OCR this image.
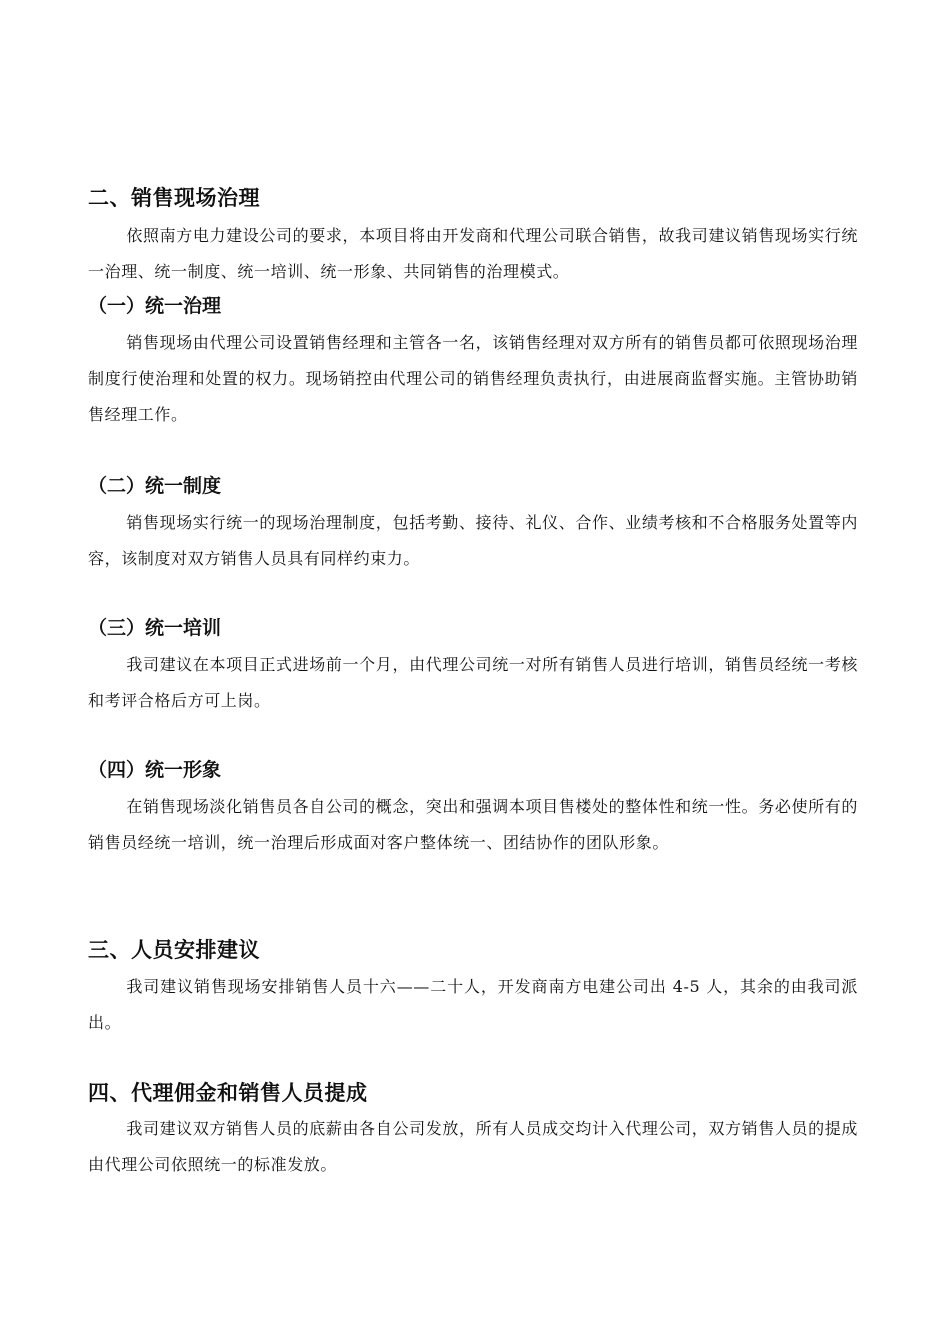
二、销售现场治理
依照南方电力建设公司的要求，本项目将由开发商和代理公司联合销售，故我司建议销售现场实行统一治理、统一制度、统一培训、统一形象、共同销售的治理模式。
（一）统一治理
销售现场由代理公司设置销售经理和主管各一名，该销售经理对双方所有的销售员都可依照现场治理制度行使治理和处置的权力。现场销控由代理公司的销售经理负责执行，由进展商监督实施。主管协助销售经理工作。
（二）统一制度
销售现场实行统一的现场治理制度，包括考勤、接待、礼仪、合作、业绩考核和不合格服务处置等内容，该制度对双方销售人员具有同样约束力。
（三）统一培训
我司建议在本项目正式进场前一个月，由代理公司统一对所有销售人员进行培训，销售员经统一考核和考评合格后方可上岗。
（四）统一形象
在销售现场淡化销售员各自公司的概念，突出和强调本项目售楼处的整体性和统一性。务必使所有的销售员经统一培训，统一治理后形成面对客户整体统一、团结协作的团队形象。
三、人员安排建议
我司建议销售现场安排销售人员十六——二十人，开发商南方电建公司出 4-5 人，其余的由我司派出。
四、代理佣金和销售人员提成
我司建议双方销售人员的底薪由各自公司发放，所有人员成交均计入代理公司，双方销售人员的提成由代理公司依照统一的标准发放。
